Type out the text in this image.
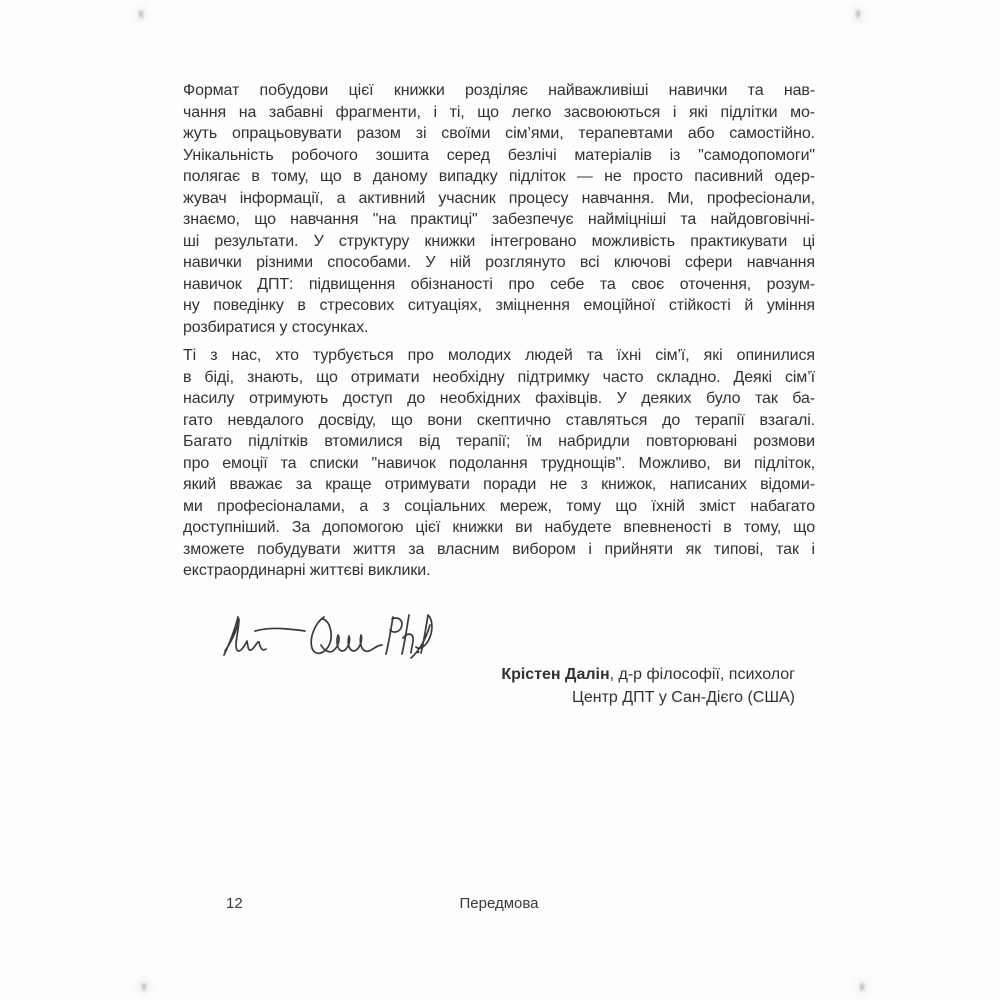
Формат побудови цієї книжки розділяє найважливіші навички та нав-
чання на забавні фрагменти, і ті, що легко засвоюються і які підлітки мо-
жуть опрацьовувати разом зі своїми сім’ями, терапевтами або самостійно.
Унікальність робочого зошита серед безлічі матеріалів із "самодопомоги"
полягає в тому, що в даному випадку підліток — не просто пасивний одер-
жувач інформації, а активний учасник процесу навчання. Ми, професіонали,
знаємо, що навчання "на практиці" забезпечує найміцніші та найдовговічні-
ші результати. У структуру книжки інтегровано можливість практикувати ці
навички різними способами. У ній розглянуто всі ключові сфери навчання
навичок ДПТ: підвищення обізнаності про себе та своє оточення, розум-
ну поведінку в стресових ситуаціях, зміцнення емоційної стійкості й уміння
розбиратися у стосунках.
Ті з нас, хто турбується про молодих людей та їхні сім’ї, які опинилися
в біді, знають, що отримати необхідну підтримку часто складно. Деякі сім’ї
насилу отримують доступ до необхідних фахівців. У деяких було так ба-
гато невдалого досвіду, що вони скептично ставляться до терапії взагалі.
Багато підлітків втомилися від терапії; їм набридли повторювані розмови
про емоції та списки "навичок подолання труднощів". Можливо, ви підліток,
який вважає за краще отримувати поради не з книжок, написаних відоми-
ми професіоналами, а з соціальних мереж, тому що їхній зміст набагато
доступніший. За допомогою цієї книжки ви набудете впевненості в тому, що
зможете побудувати життя за власним вибором і прийняти як типові, так і
екстраординарні життєві виклики.
Крістен Далін, д-р філософії, психолог
Центр ДПТ у Сан-Дієго (США)
12	Передмова
